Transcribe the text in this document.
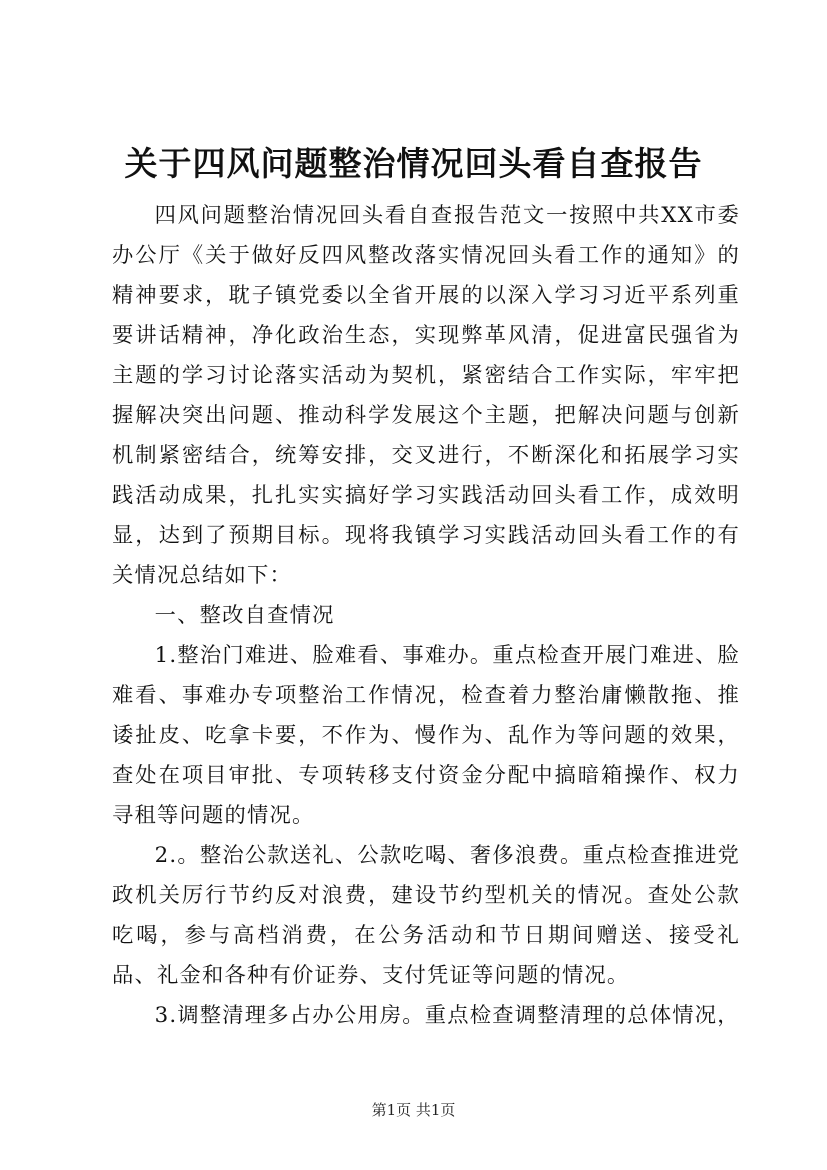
关于四风问题整治情况回头看自查报告

四风问题整治情况回头看自查报告范文一按照中共XX市委办公厅《关于做好反四风整改落实情况回头看工作的通知》的精神要求，耽子镇党委以全省开展的以深入学习习近平系列重要讲话精神，净化政治生态，实现弊革风清，促进富民强省为主题的学习讨论落实活动为契机，紧密结合工作实际，牢牢把握解决突出问题、推动科学发展这个主题，把解决问题与创新机制紧密结合，统筹安排，交叉进行，不断深化和拓展学习实践活动成果，扎扎实实搞好学习实践活动回头看工作，成效明显，达到了预期目标。现将我镇学习实践活动回头看工作的有关情况总结如下：

一、整改自查情况

1.整治门难进、脸难看、事难办。重点检查开展门难进、脸难看、事难办专项整治工作情况，检查着力整治庸懒散拖、推诿扯皮、吃拿卡要，不作为、慢作为、乱作为等问题的效果，查处在项目审批、专项转移支付资金分配中搞暗箱操作、权力寻租等问题的情况。

2.。整治公款送礼、公款吃喝、奢侈浪费。重点检查推进党政机关厉行节约反对浪费，建设节约型机关的情况。查处公款吃喝，参与高档消费，在公务活动和节日期间赠送、接受礼品、礼金和各种有价证券、支付凭证等问题的情况。

3.调整清理多占办公用房。重点检查调整清理的总体情况，

第1页 共1页
